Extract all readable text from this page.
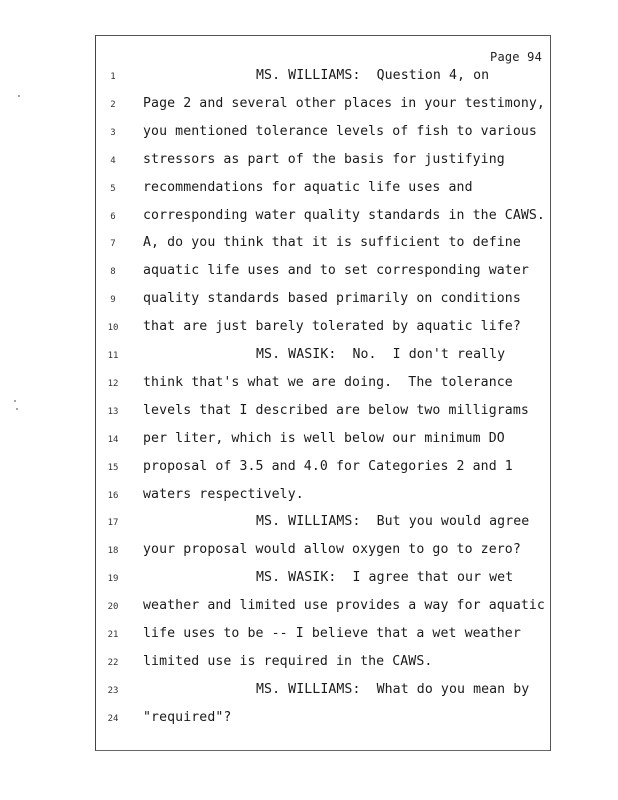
Page 94
1	MS. WILLIAMS:  Question 4, on
2	Page 2 and several other places in your testimony,
3	you mentioned tolerance levels of fish to various
4	stressors as part of the basis for justifying
5	recommendations for aquatic life uses and
6	corresponding water quality standards in the CAWS.
7	A, do you think that it is sufficient to define
8	aquatic life uses and to set corresponding water
9	quality standards based primarily on conditions
10	that are just barely tolerated by aquatic life?
11	MS. WASIK:  No.  I don't really
12	think that's what we are doing.  The tolerance
13	levels that I described are below two milligrams
14	per liter, which is well below our minimum DO
15	proposal of 3.5 and 4.0 for Categories 2 and 1
16	waters respectively.
17	MS. WILLIAMS:  But you would agree
18	your proposal would allow oxygen to go to zero?
19	MS. WASIK:  I agree that our wet
20	weather and limited use provides a way for aquatic
21	life uses to be -- I believe that a wet weather
22	limited use is required in the CAWS.
23	MS. WILLIAMS:  What do you mean by
24	"required"?
